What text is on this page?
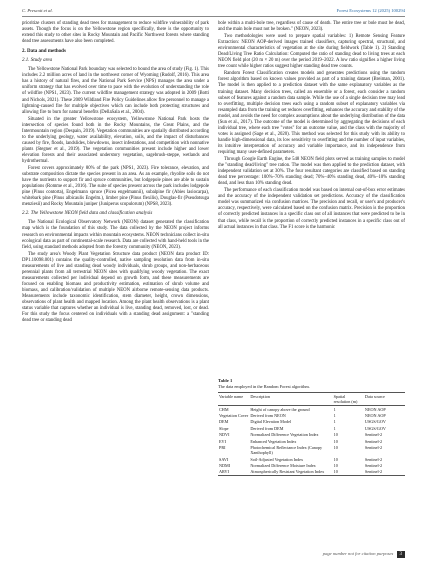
C. Prescott et al.	Forest Ecosystems 12 (2025) 100294

prioritize clusters of standing dead trees for management to reduce wildfire vulnerability of park assets. Though the focus is on the Yellowstone region specifically, there is the opportunity to extend this study to other sites in Rocky Mountain and Pacific Northwest forests where standing dead tree assessments have also been completed.

2. Data and methods
2.1. Study area

The Yellowstone National Park boundary was selected to bound the area of study (Fig. 1). This includes 2.2 million acres of land in the northwest corner of Wyoming (Rudolf, 2016). This area has a history of natural fires, and the National Park Service (NPS) manages the area under a uniform strategy that has evolved over time to pace with the evolution of understanding the role of wildfire (NPS1, 2023). The current wildfire management strategy was adopted in 2009 (Botti and Nichols, 2021). These 2009 Wildland Fire Policy Guidelines allow fire personnel to manage a lightning-caused fire for multiple objectives which can include both protecting structures and allowing fire to burn for natural benefits (DellaSala et al., 2004).

Situated in the greater Yellowstone ecosystem, Yellowstone National Park hosts the intersection of species found both in the Rocky Mountains, the Great Plains, and the Intermountain region (Despain, 2019). Vegetation communities are spatially distributed according to the underlying geology, water availability, elevation, soils, and the impact of disturbances caused by fire, floods, landslides, blowdowns, insect infestations, and competition with nonnative plants (Stegner et al., 2019). The vegetation communities present include higher and lower elevation forests and their associated understory vegetation, sagebrush-steppe, wetlands and hydrothermal.

Forest covers approximately 80% of the park (NPS1, 2023). Fire tolerance, elevation, and substrate composition dictate the species present in an area. As an example, rhyolite soils do not have the nutrients to support fir and spruce communities, but lodgepole pines are able to sustain populations (Romme et al., 2016). The suite of species present across the park includes lodgepole pine (Pinus contorta), Engelmann spruce (Picea engelmannii), subalpine fir (Abies lasiocarpa), whitebark pine (Pinus albicaulis Engelm.), limber pine (Pinus flexilis), Douglas-fir (Pseudotsuga menziesii) and Rocky Mountain juniper (Juniperus scopulorum) (NPS8, 2023).

2.2. The Yellowstone NEON field data and classification analysis

The National Ecological Observatory Network (NEON) dataset generated the classification map which is the foundation of this study. The data collected by the NEON project informs research on environmental impacts within mountain ecosystems. NEON technicians collect in-situ ecological data as part of continental-scale research. Data are collected with hand-held tools in the field, using standard methods adopted from the forestry community (NEON, 2023).

The study area's Woody Plant Vegetation Structure data product (NEON data product ID: DP1.10098.001) contains the quality-controlled, native sampling resolution data from in-situ measurements of live and standing dead woody individuals, shrub groups, and non-herbaceous perennial plants from all terrestrial NEON sites with qualifying woody vegetation. The exact measurements collected per individual depend on growth form, and these measurements are focused on enabling biomass and productivity estimation, estimation of shrub volume and biomass, and calibration/validation of multiple NEON airborne remote-sensing data products. Measurements include taxonomic identification, stem diameter, height, crown dimensions, observations of plant health and mapped location. Among the plant health observations is a plant status variable that captures whether an individual is live, standing dead, removed, lost, or dead. For this study the focus centered on individuals with a standing dead assignment: a "standing dead tree or standing dead

bole within a multi-bole tree, regardless of cause of death. The entire tree or bole must be dead, and the main bole must not be broken." (NEON, 2023).

Two methodologies were used to prepare spatial variables: 1) Remote Sensing Feature Extraction: NEON AOP-derived images trained classifiers, capturing spectral, structural, and environmental characteristics of vegetation at the site during fieldwork (Table 1). 2) Standing Dead/Living Tree Ratio Calculation: Computed the ratio of standing dead to living trees at each NEON field plot (20 m × 20 m) over the period 2019–2022. A low ratio signifies a higher living tree count while higher ratios suggest higher standing dead tree counts.

Random Forest Classification creates models and generates predictions using the random forest algorithm based on known values provided as part of a training dataset (Breiman, 2001). The model is then applied to a prediction dataset with the same explanatory variables as the training dataset. Many decision trees, called an ensemble or a forest, each consider a random subset of features against a random data sample. While the use of a single decision tree may lead to overfitting, multiple decision trees each using a random subset of explanatory variables via resampled data from the training set reduces overfitting, enhances the accuracy and stability of the model, and avoids the need for complex assumptions about the underlying distribution of the data (Sun et al., 2017). The outcome of the model is determined by aggregating the decisions of each individual tree, where each tree "votes" for an outcome value, and the class with the majority of votes is assigned (Sage et al., 2020). This method was selected for this study with its ability to handle high-dimensional data, its low sensitivity to overfitting and the number of input variables, its intuitive interpretation of accuracy and variable importance, and its independence from requiring many user-defined parameters.

Through Google Earth Engine, the 548 NEON field plots served as training samples to model the "standing dead/living" tree ration. The model was then applied to the prediction dataset, with independent validation set at 30%. The four resultant categories are classified based on standing dead tree percentage: 100%–70% standing dead; 70%–40% standing dead, 40%–10% standing dead, and less than 10% standing dead.

The performance of each classification model was based on internal out-of-box error estimates and the accuracy of the independent validation set predictions. Accuracy of the classification model was summarized via confusion matrices. The precision and recall, or user's and producer's accuracy, respectively, were calculated based on the confusion matrix. Precision is the proportion of correctly predicted instances in a specific class out of all instances that were predicted to be in that class, while recall is the proportion of correctly predicted instances in a specific class out of all actual instances in that class. The F1 score is the harmonic

Table 1
The data employed in the Random Forest algorithm.
Variable name	Description	Spatial resolution (m)	Data source
CHM	Height of canopy above the ground	1	NEON AOP
Vegetation Cover	Derived from NEON	1	NEON AOP
DEM	Digital Elevation Model	1	USGS/GOV
Slope	Derived from DEM	1	USGS/GOV
NDVI	Normalized Difference Vegetation Index	10	Sentinel-2
EVI	Enhanced Vegetation Index	10	Sentinel-2
PRI	Photochemical Reflectance Index (Canopy Xanthophyll)	10	Sentinel-2
SAVI	Soil-Adjusted Vegetation Index	10	Sentinel-2
NDMI	Normalized Difference Moisture Index	10	Sentinel-2
ARVI	Atmospherically Resistant Vegetation Index	10	Sentinel-2
page number not for citation purposes 3
